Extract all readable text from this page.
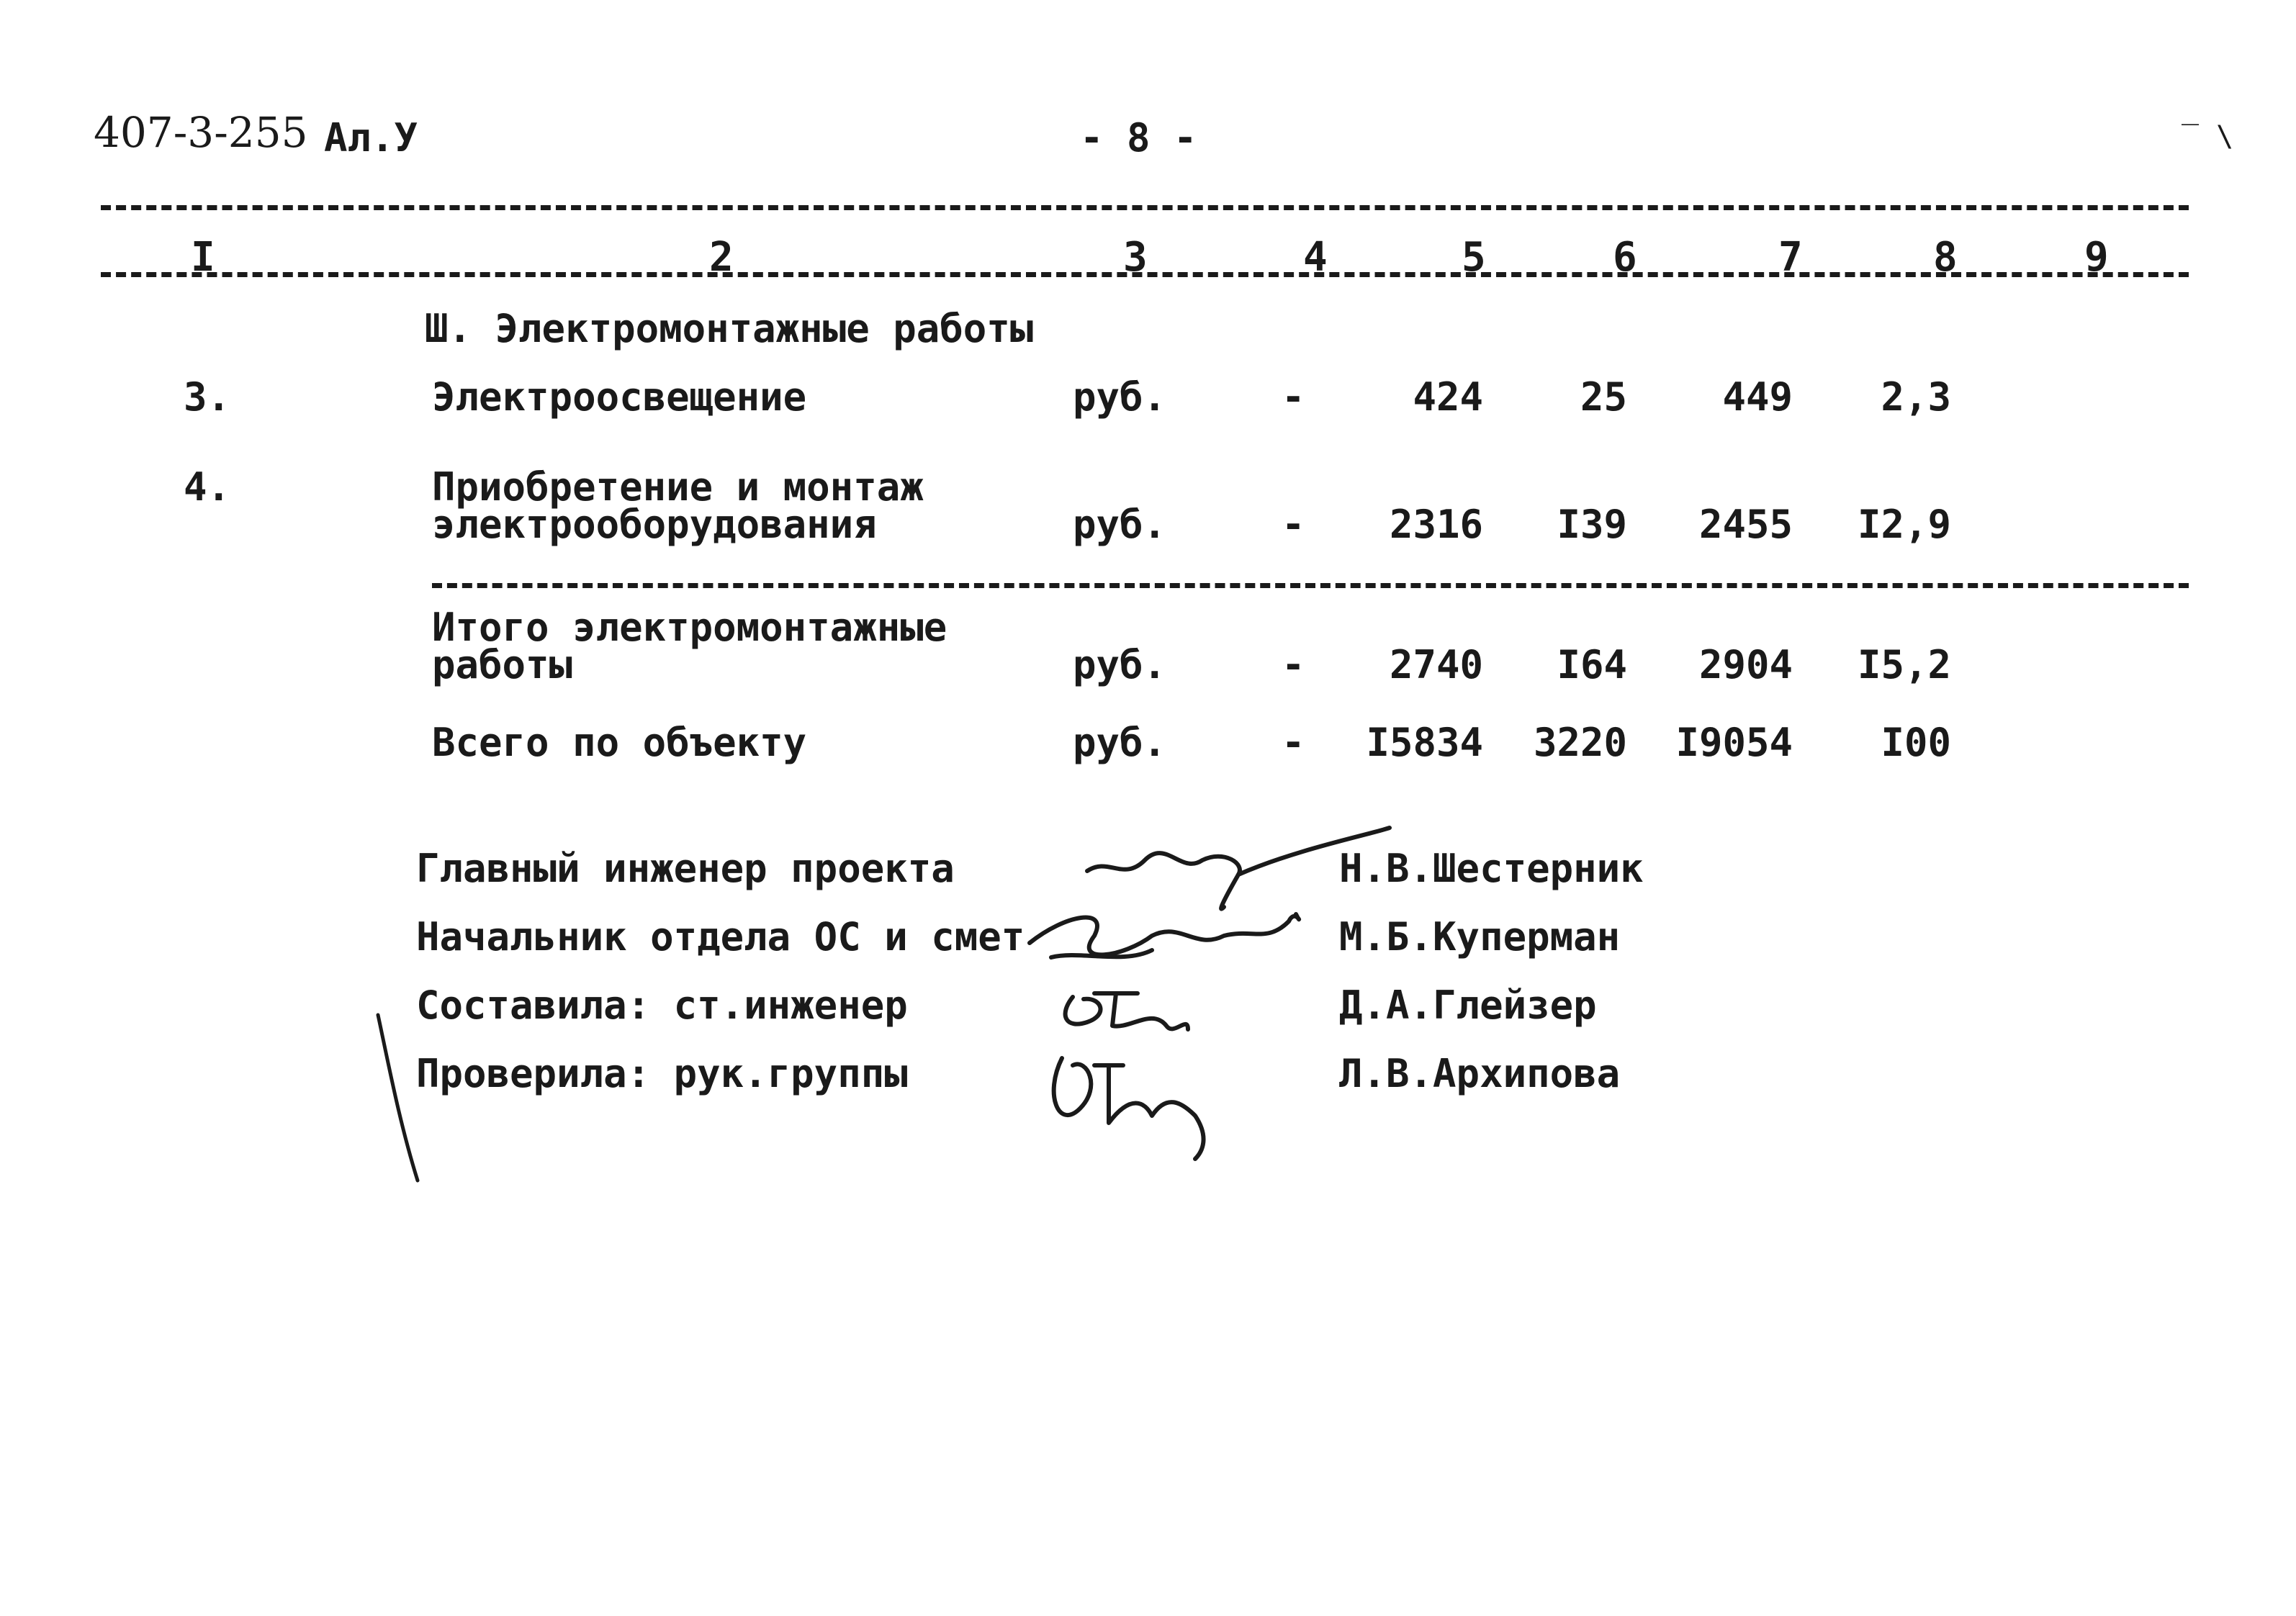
407-3-255 Ал.У	- 8 -	‾ \
I	2	3	4	5	6	7	8	9
Ш. Электромонтажные работы
3.	Электроосвещение	руб.	-	424	25	449	2,3
4.	Приобретение и монтаж
электрооборудования	руб.	-	2316	I39	2455	I2,9
Итого электромонтажные
работы	руб.	-	2740	I64	2904	I5,2
Всего по объекту	руб.	-	I5834	3220	I9054	I00
Главный инженер проекта	Н.В.Шестерник
Начальник отдела ОС и смет	М.Б.Куперман
Составила: ст.инженер	Д.А.Глейзер
Проверила: рук.группы	Л.В.Архипова
